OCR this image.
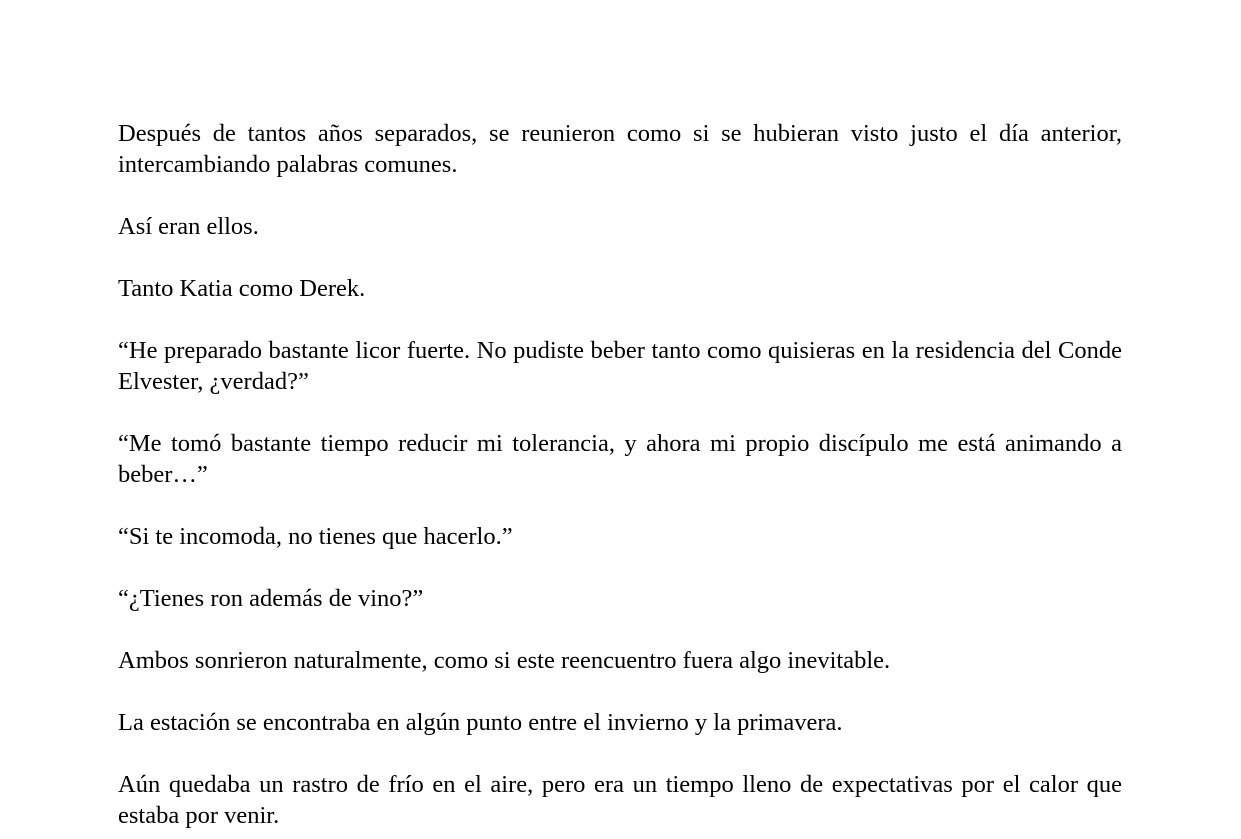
Después de tantos años separados, se reunieron como si se hubieran visto justo el día anterior, intercambiando palabras comunes.

Así eran ellos.

Tanto Katia como Derek.

“He preparado bastante licor fuerte. No pudiste beber tanto como quisieras en la residencia del Conde Elvester, ¿verdad?”

“Me tomó bastante tiempo reducir mi tolerancia, y ahora mi propio discípulo me está animando a beber…”

“Si te incomoda, no tienes que hacerlo.”

“¿Tienes ron además de vino?”

Ambos sonrieron naturalmente, como si este reencuentro fuera algo inevitable.

La estación se encontraba en algún punto entre el invierno y la primavera.

Aún quedaba un rastro de frío en el aire, pero era un tiempo lleno de expectativas por el calor que estaba por venir.
